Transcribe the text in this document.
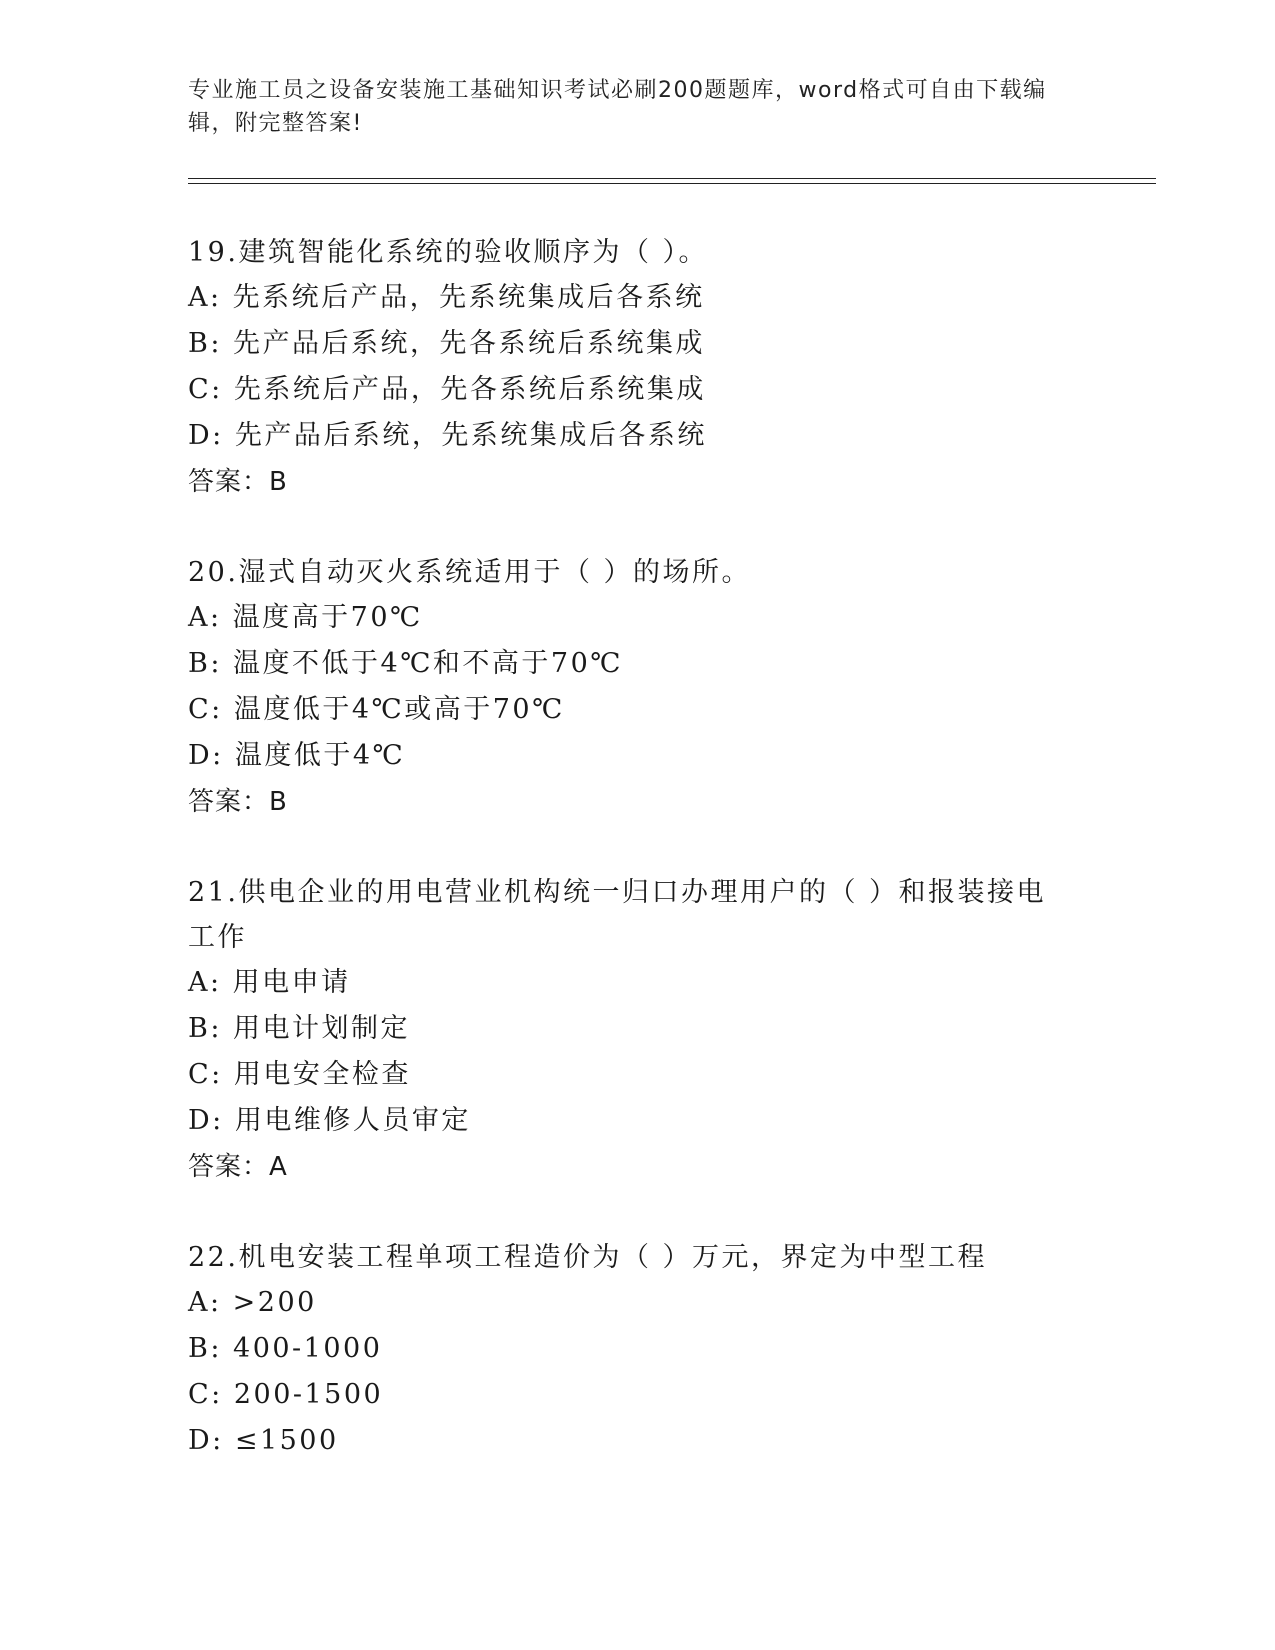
专业施工员之设备安装施工基础知识考试必刷200题题库，word格式可自由下载编辑，附完整答案!
19.建筑智能化系统的验收顺序为（ ）。
A: 先系统后产品，先系统集成后各系统
B: 先产品后系统，先各系统后系统集成
C: 先系统后产品，先各系统后系统集成
D: 先产品后系统，先系统集成后各系统
答案：B
20.湿式自动灭火系统适用于（ ）的场所。
A: 温度高于70℃
B: 温度不低于4℃和不高于70℃
C: 温度低于4℃或高于70℃
D: 温度低于4℃
答案：B
21.供电企业的用电营业机构统一归口办理用户的（ ）和报装接电工作
A: 用电申请
B: 用电计划制定
C: 用电安全检查
D: 用电维修人员审定
答案：A
22.机电安装工程单项工程造价为（ ）万元，界定为中型工程
A: >200
B: 400-1000
C: 200-1500
D: ≤1500
